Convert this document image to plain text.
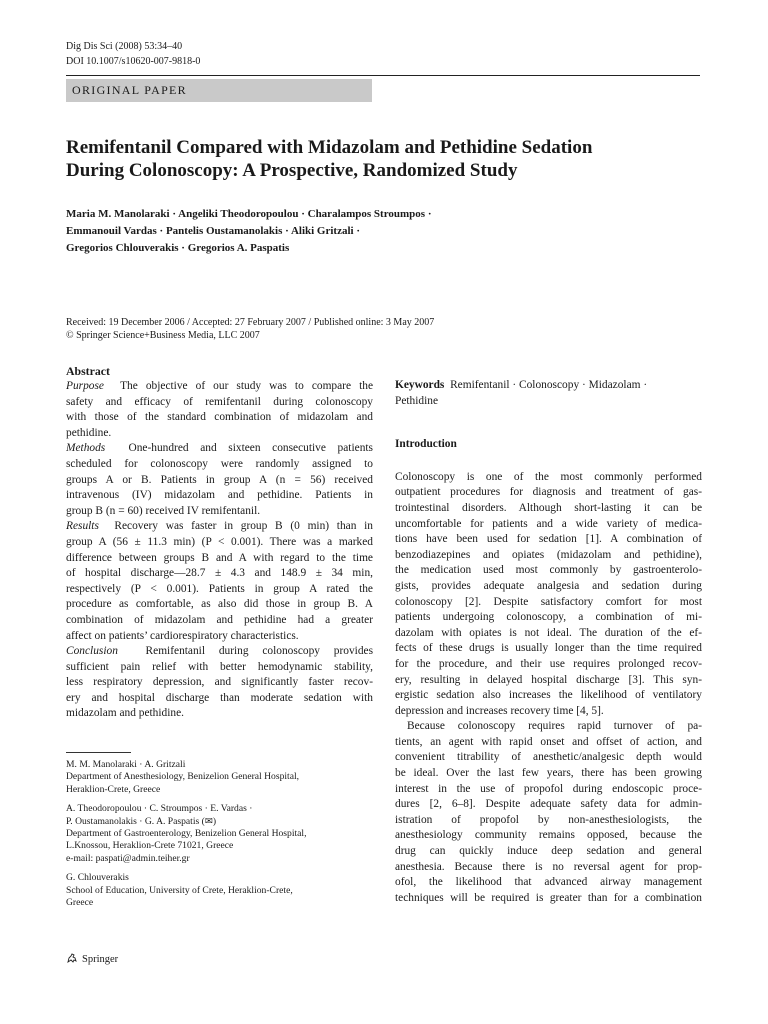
Dig Dis Sci (2008) 53:34–40
DOI 10.1007/s10620-007-9818-0
ORIGINAL PAPER
Remifentanil Compared with Midazolam and Pethidine Sedation
During Colonoscopy: A Prospective, Randomized Study
Maria M. Manolaraki · Angeliki Theodoropoulou · Charalampos Stroumpos ·
Emmanouil Vardas · Pantelis Oustamanolakis · Aliki Gritzali ·
Gregorios Chlouverakis · Gregorios A. Paspatis
Received: 19 December 2006 / Accepted: 27 February 2007 / Published online: 3 May 2007
© Springer Science+Business Media, LLC 2007
Abstract
Purpose The objective of our study was to compare the
safety and efficacy of remifentanil during colonoscopy
with those of the standard combination of midazolam and
pethidine.
Methods One-hundred and sixteen consecutive patients
scheduled for colonoscopy were randomly assigned to
groups A or B. Patients in group A (n = 56) received
intravenous (IV) midazolam and pethidine. Patients in
group B (n = 60) received IV remifentanil.
Results Recovery was faster in group B (0 min) than in
group A (56 ± 11.3 min) (P < 0.001). There was a marked
difference between groups B and A with regard to the time
of hospital discharge—28.7 ± 4.3 and 148.9 ± 34 min,
respectively (P < 0.001). Patients in group A rated the
procedure as comfortable, as also did those in group B. A
combination of midazolam and pethidine had a greater
affect on patients’ cardiorespiratory characteristics.
Conclusion Remifentanil during colonoscopy provides
sufficient pain relief with better hemodynamic stability,
less respiratory depression, and significantly faster recov-
ery and hospital discharge than moderate sedation with
midazolam and pethidine.
M. M. Manolaraki · A. Gritzali
Department of Anesthesiology, Benizelion General Hospital,
Heraklion-Crete, Greece
A. Theodoropoulou · C. Stroumpos · E. Vardas ·
P. Oustamanolakis · G. A. Paspatis (✉)
Department of Gastroenterology, Benizelion General Hospital,
L.Knossou, Heraklion-Crete 71021, Greece
e-mail: paspati@admin.teiher.gr
G. Chlouverakis
School of Education, University of Crete, Heraklion-Crete,
Greece
Keywords Remifentanil · Colonoscopy · Midazolam ·
Pethidine
Introduction
Colonoscopy is one of the most commonly performed
outpatient procedures for diagnosis and treatment of gas-
trointestinal disorders. Although short-lasting it can be
uncomfortable for patients and a wide variety of medica-
tions have been used for sedation [1]. A combination of
benzodiazepines and opiates (midazolam and pethidine),
the medication used most commonly by gastroenterolo-
gists, provides adequate analgesia and sedation during
colonoscopy [2]. Despite satisfactory comfort for most
patients undergoing colonoscopy, a combination of mi-
dazolam with opiates is not ideal. The duration of the ef-
fects of these drugs is usually longer than the time required
for the procedure, and their use requires prolonged recov-
ery, resulting in delayed hospital discharge [3]. This syn-
ergistic sedation also increases the likelihood of ventilatory
depression and increases recovery time [4, 5].
Because colonoscopy requires rapid turnover of pa-
tients, an agent with rapid onset and offset of action, and
convenient titrability of anesthetic/analgesic depth would
be ideal. Over the last few years, there has been growing
interest in the use of propofol during endoscopic proce-
dures [2, 6–8]. Despite adequate safety data for admin-
istration of propofol by non-anesthesiologists, the
anesthesiology community remains opposed, because the
drug can quickly induce deep sedation and general
anesthesia. Because there is no reversal agent for prop-
ofol, the likelihood that advanced airway management
techniques will be required is greater than for a combination
Springer
